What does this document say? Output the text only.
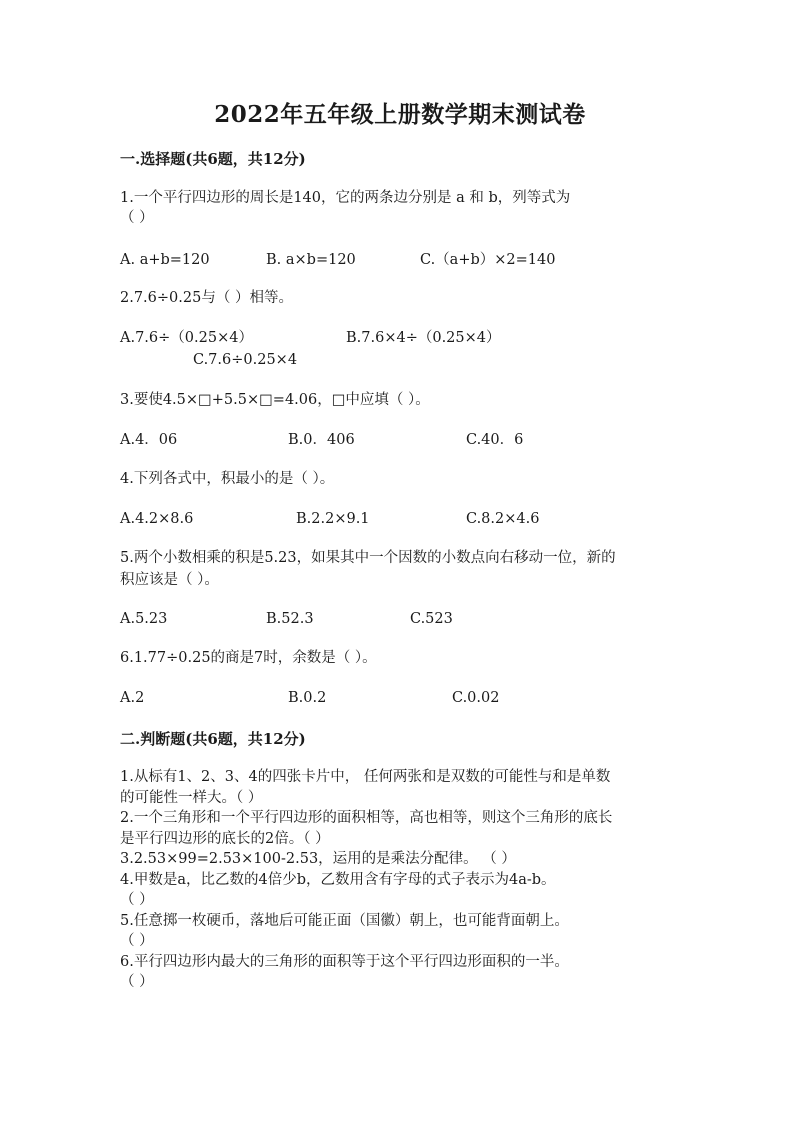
2022年五年级上册数学期末测试卷
一.选择题(共6题，共12分)
1.一个平行四边形的周长是140，它的两条边分别是 a 和 b，列等式为
（ ）
A. a+b=120	B. a×b=120	C.（a+b）×2=140
2.7.6÷0.25与（ ）相等。
A.7.6÷（0.25×4）	B.7.6×4÷（0.25×4）
C.7.6÷0.25×4
3.要使4.5×□+5.5×□=4.06，□中应填（ ）。
A.4．06	B.0．406	C.40．6
4.下列各式中，积最小的是（ ）。
A.4.2×8.6	B.2.2×9.1	C.8.2×4.6
5.两个小数相乘的积是5.23，如果其中一个因数的小数点向右移动一位，新的
积应该是（ ）。
A.5.23	B.52.3	C.523
6.1.77÷0.25的商是7时，余数是（ ）。
A.2	B.0.2	C.0.02
二.判断题(共6题，共12分)
1.从标有1、2、3、4的四张卡片中， 任何两张和是双数的可能性与和是单数
的可能性一样大。（ ）
2.一个三角形和一个平行四边形的面积相等，高也相等，则这个三角形的底长
是平行四边形的底长的2倍。（ ）
3.2.53×99=2.53×100-2.53，运用的是乘法分配律。 （ ）
4.甲数是a，比乙数的4倍少b，乙数用含有字母的式子表示为4a-b。
（ ）
5.任意掷一枚硬币，落地后可能正面（国徽）朝上，也可能背面朝上。
（ ）
6.平行四边形内最大的三角形的面积等于这个平行四边形面积的一半。
（ ）
